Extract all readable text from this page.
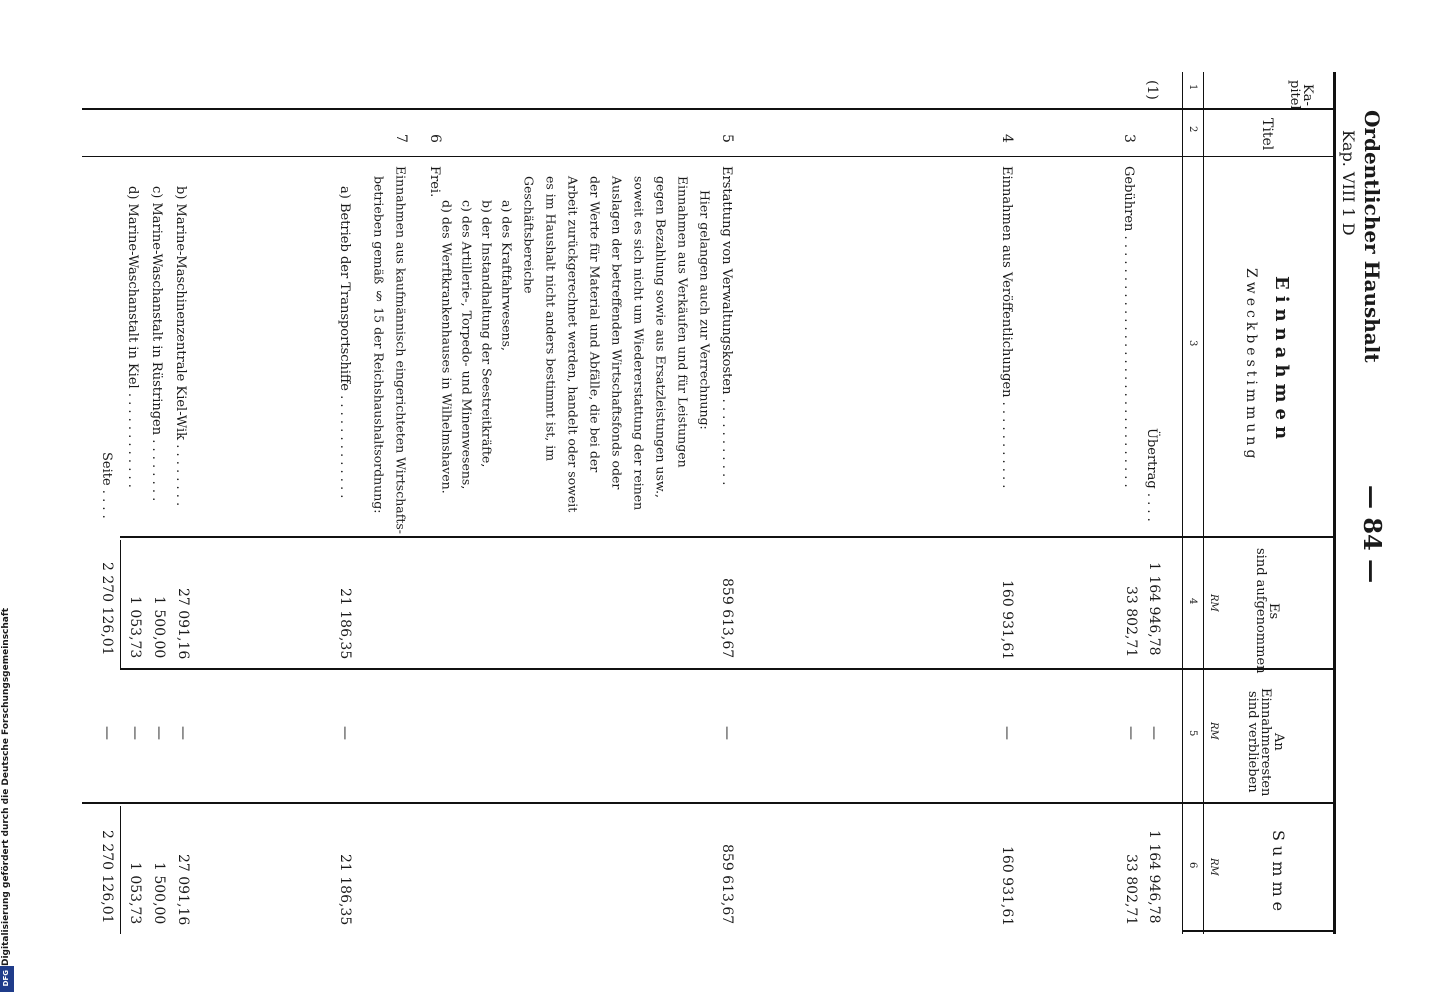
Ordentlicher Haushalt
Kap. VIII 1 D
— 84 —
Ka-
pitel
Titel
Einnahmen
Zweckbestimmung
Es
sind aufgenommen
An
Einnahmeresten
sind verblieben
Summe
RM
RM
RM
1
2
3
4
5
6
(1)
Übertrag . . . .
1 164 946,78
—
1 164 946,78
3
Gebühren . . . . . . . . . . . . . . . . . . . . . . . . . . . . . . .
33 802,71
—
33 802,71
4
Einnahmen aus Veröffentlichungen . . . . . . . . . . .
160 931,61
—
160 931,61
5
Erstattung von Verwaltungskosten . . . . . . . . . . .
Hier gelangen auch zur Verrechnung:
Einnahmen aus Verkäufen und für Leistungen
gegen Bezahlung sowie aus Ersatzleistungen usw.,
soweit es sich nicht um Wiedererstattung der reinen
Auslagen der betreffenden Wirtschaftsfonds oder
der Werte für Material und Abfälle, die bei der
Arbeit zurückgerechnet werden, handelt oder soweit
es im Haushalt nicht anders bestimmt ist, im
Geschäftsbereiche
a) des Kraftfahrwesens,
b) der Instandhaltung der Seestreitkräfte,
c) des Artillerie-, Torpedo- und Minenwesens,
d) des Werftkrankenhauses in Wilhelmshaven.
859 613,67
—
859 613,67
6
Frei.
7
Einnahmen aus kaufmännisch eingerichteten Wirtschafts-
betrieben gemäß § 15 der Reichshaushaltsordnung:
a) Betrieb der Transportschiffe . . . . . . . . . . . . .
21 186,35
—
21 186,35
b) Marine-Maschinenzentrale Kiel-Wik . . . . . . . .
27 091,16
—
27 091,16
c) Marine-Waschanstalt in Rüstringen . . . . . . . .
1 500,00
—
1 500,00
d) Marine-Waschanstalt in Kiel . . . . . . . . . . . .
1 053,73
—
1 053,73
Seite . . . .
2 270 126,01
—
2 270 126,01
Digitalisierung gefördert durch die Deutsche Forschungsgemeinschaft
DFG
